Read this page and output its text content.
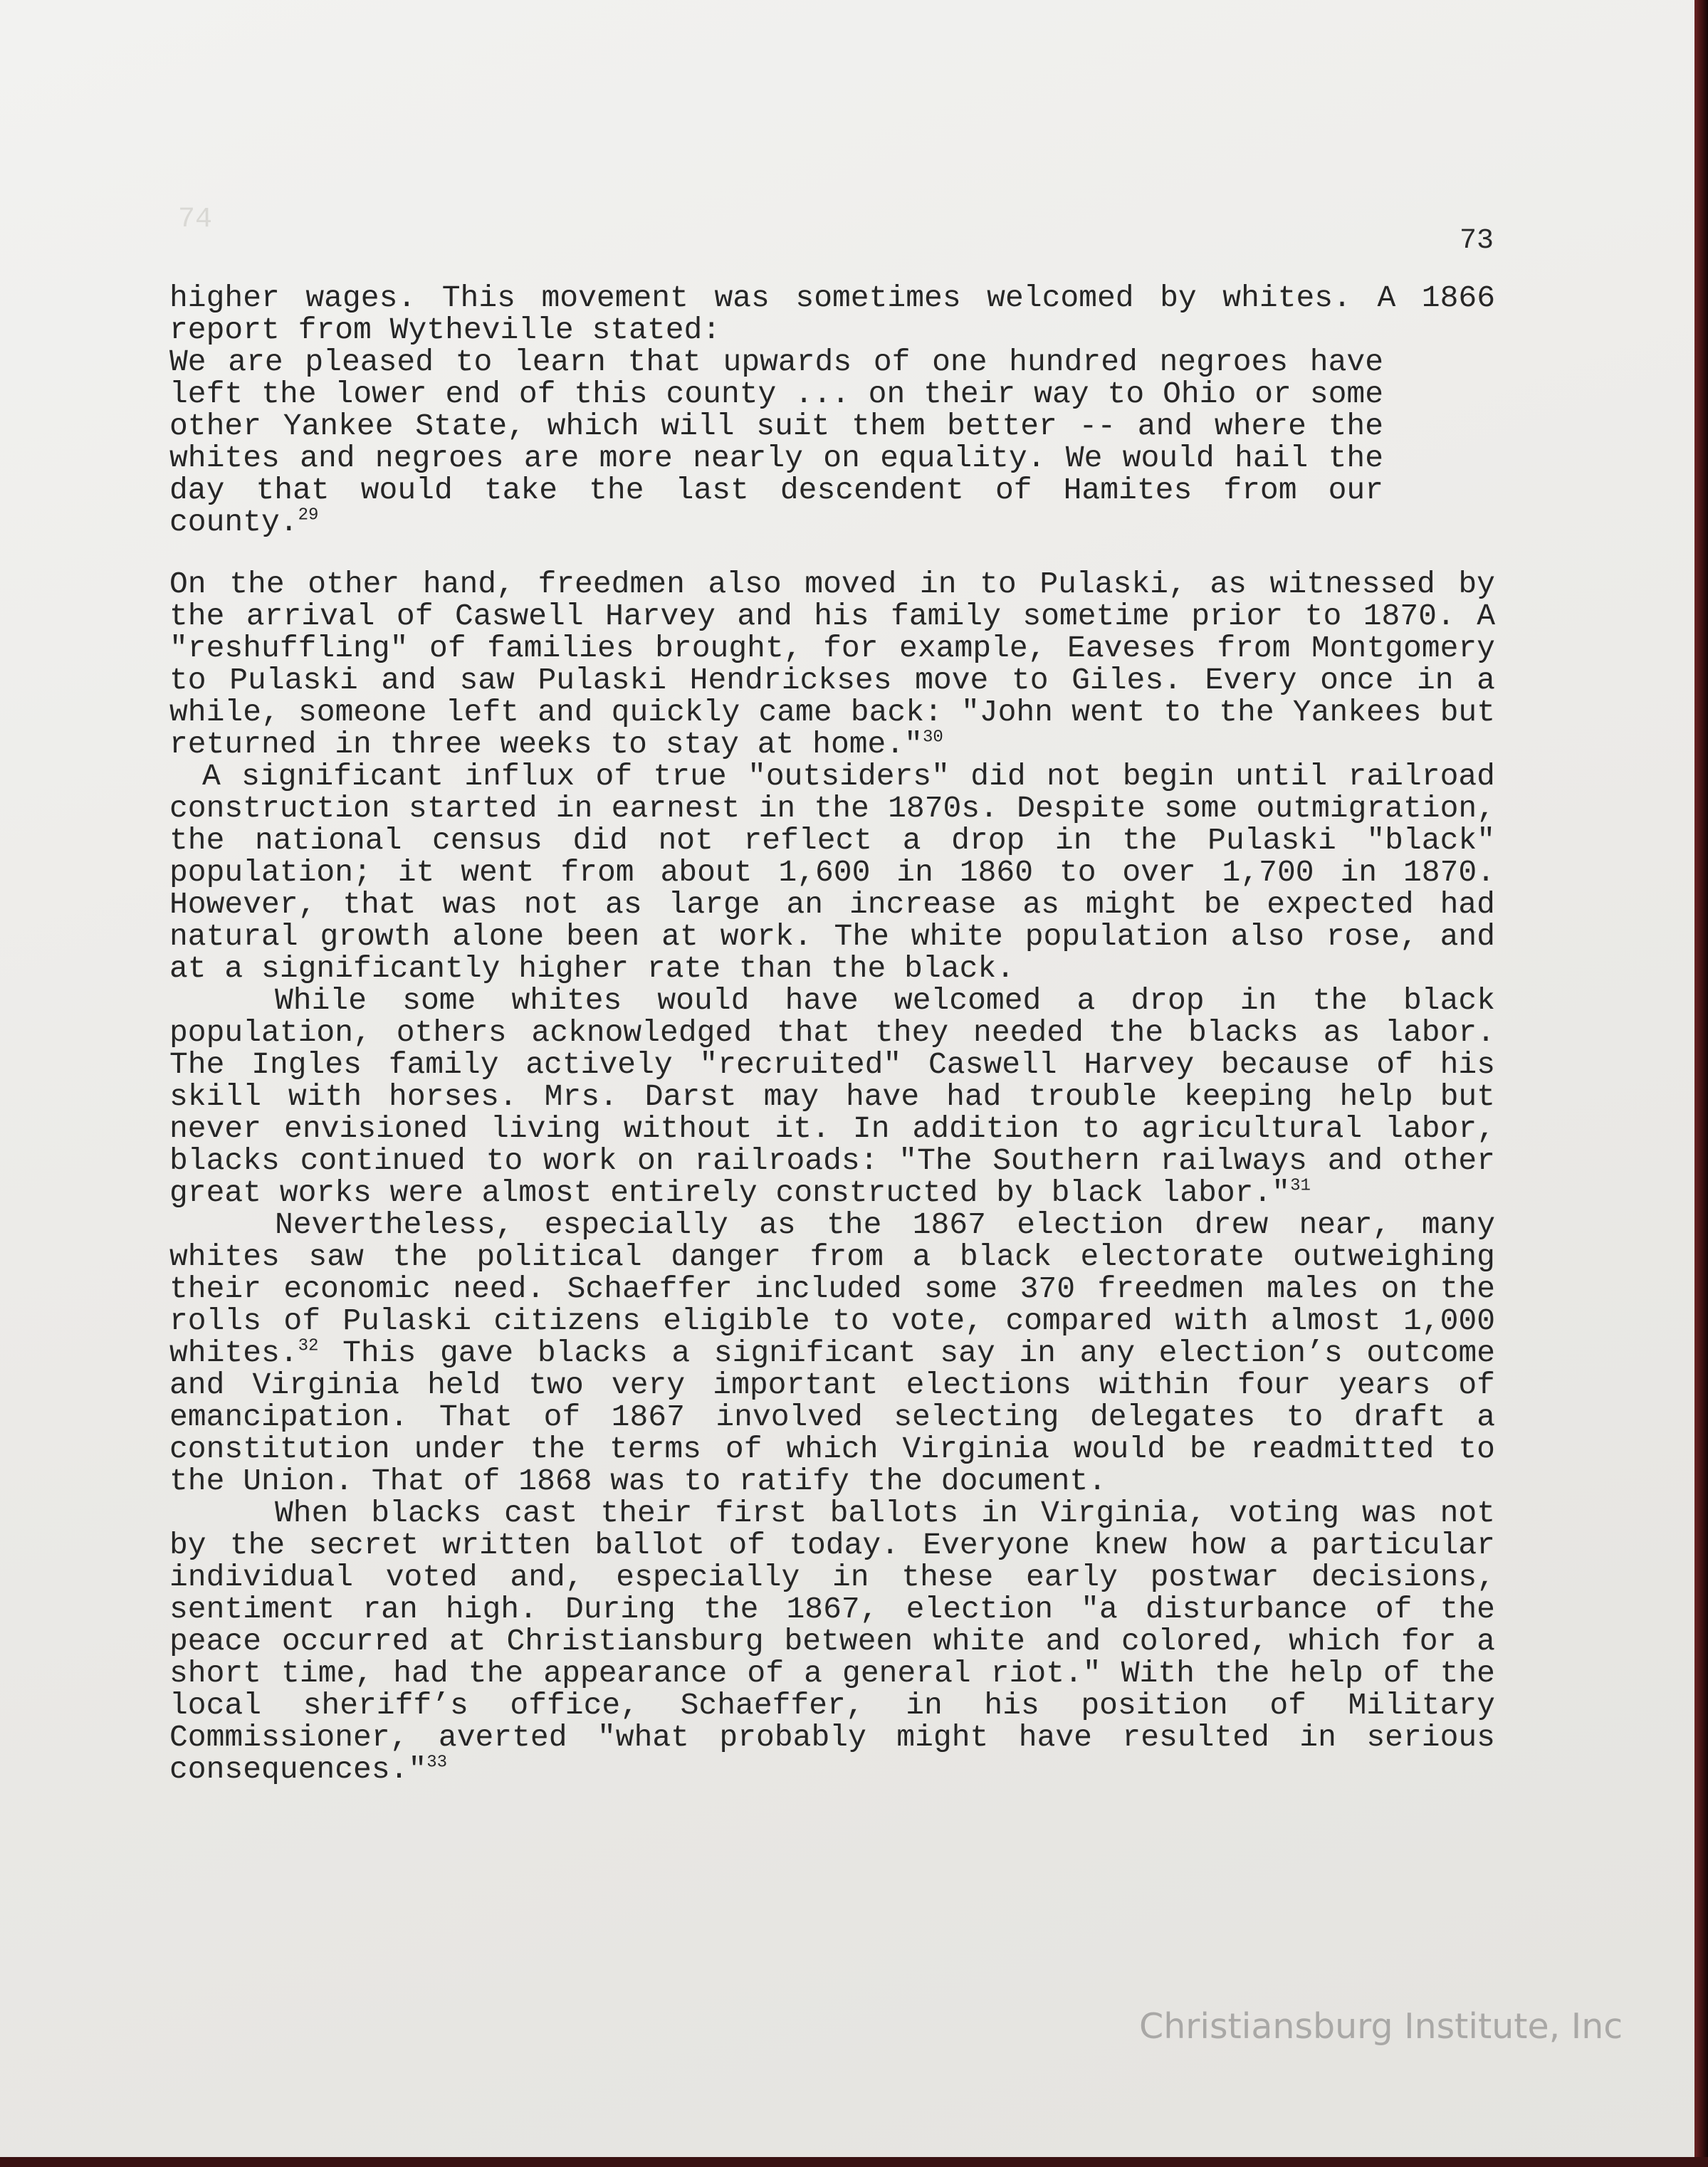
74
73

higher wages. This movement was sometimes welcomed by whites. A 1866 report from Wytheville stated:

We are pleased to learn that upwards of one hundred negroes have left the lower end of this county ... on their way to Ohio or some other Yankee State, which will suit them better -- and where the whites and negroes are more nearly on equality. We would hail the day that would take the last descendent of Hamites from our county.$^{29}$

On the other hand, freedmen also moved in to Pulaski, as witnessed by the arrival of Caswell Harvey and his family sometime prior to 1870. A "reshuffling" of families brought, for example, Eaveses from Montgomery to Pulaski and saw Pulaski Hendrickses move to Giles. Every once in a while, someone left and quickly came back: "John went to the Yankees but returned in three weeks to stay at home."$^{30}$

A significant influx of true "outsiders" did not begin until railroad construction started in earnest in the 1870s. Despite some outmigration, the national census did not reflect a drop in the Pulaski "black" population; it went from about 1,600 in 1860 to over 1,700 in 1870. However, that was not as large an increase as might be expected had natural growth alone been at work. The white population also rose, and at a significantly higher rate than the black.

While some whites would have welcomed a drop in the black population, others acknowledged that they needed the blacks as labor. The Ingles family actively "recruited" Caswell Harvey because of his skill with horses. Mrs. Darst may have had trouble keeping help but never envisioned living without it. In addition to agricultural labor, blacks continued to work on railroads: "The Southern railways and other great works were almost entirely constructed by black labor."$^{31}$

Nevertheless, especially as the 1867 election drew near, many whites saw the political danger from a black electorate outweighing their economic need. Schaeffer included some 370 freedmen males on the rolls of Pulaski citizens eligible to vote, compared with almost 1,000 whites.$^{32}$ This gave blacks a significant say in any election’s outcome and Virginia held two very important elections within four years of emancipation. That of 1867 involved selecting delegates to draft a constitution under the terms of which Virginia would be readmitted to the Union. That of 1868 was to ratify the document.

When blacks cast their first ballots in Virginia, voting was not by the secret written ballot of today. Everyone knew how a particular individual voted and, especially in these early postwar decisions, sentiment ran high. During the 1867, election "a disturbance of the peace occurred at Christiansburg between white and colored, which for a short time, had the appearance of a general riot." With the help of the local sheriff’s office, Schaeffer, in his position of Military Commissioner, averted "what probably might have resulted in serious consequences."$^{33}$

Christiansburg Institute, Inc
